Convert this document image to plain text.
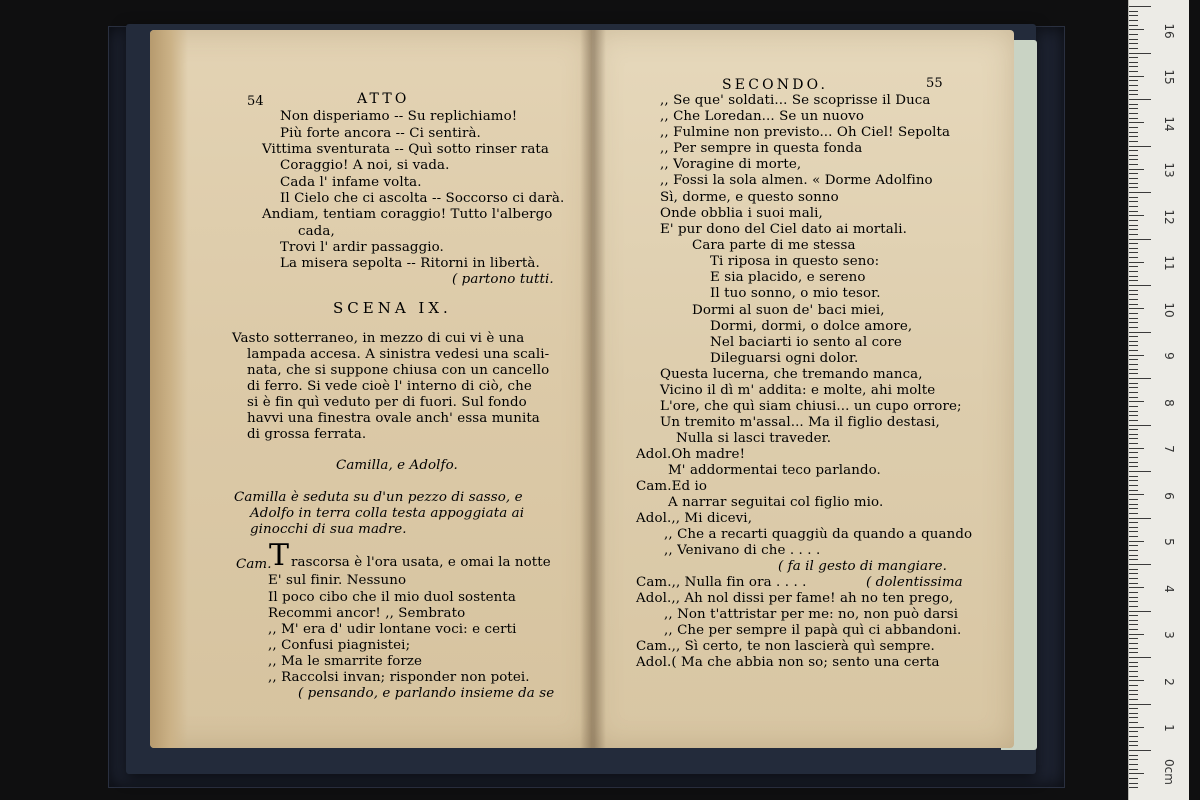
54	ATTO
Non disperiamo -- Su replichiamo!
Più forte ancora -- Ci sentirà.
Vittima sventurata -- Quì sotto rinser rata
Coraggio! A noi, si vada.
Cada l' infame volta.
Il Cielo che ci ascolta -- Soccorso ci darà.
Andiam, tentiam coraggio! Tutto l'albergo
cada,
Trovi l' ardir passaggio.
La misera sepolta -- Ritorni in libertà.
( partono tutti.
SCENA IX.
Vasto sotterraneo, in mezzo di cui vi è una
lampada accesa. A sinistra vedesi una scali-
nata, che si suppone chiusa con un cancello
di ferro. Si vede cioè l' interno di ciò, che
si è fin quì veduto per di fuori. Sul fondo
havvi una finestra ovale anch' essa munita
di grossa ferrata.
Camilla, e Adolfo.
Camilla è seduta su d'un pezzo di sasso, e
Adolfo in terra colla testa appoggiata ai
ginocchi di sua madre.
Cam.
T rascorsa è l'ora usata, e omai la notte
E' sul finir. Nessuno
Il poco cibo che il mio duol sostenta
Recommi ancor! ,, Sembrato
,, M' era d' udir lontane voci: e certi
,, Confusi piagnistei;
,, Ma le smarrite forze
,, Raccolsi invan; risponder non potei.
( pensando, e parlando insieme da se
SECONDO.	55
,, Se que' soldati... Se scoprisse il Duca
,, Che Loredan... Se un nuovo
,, Fulmine non previsto... Oh Ciel! Sepolta
,, Per sempre in questa fonda
,, Voragine di morte,
,, Fossi la sola almen. « Dorme Adolfino
Sì, dorme, e questo sonno
Onde obblia i suoi mali,
E' pur dono del Ciel dato ai mortali.
Cara parte di me stessa
Ti riposa in questo seno:
E sia placido, e sereno
Il tuo sonno, o mio tesor.
Dormi al suon de' baci miei,
Dormi, dormi, o dolce amore,
Nel baciarti io sento al core
Dileguarsi ogni dolor.
Questa lucerna, che tremando manca,
Vicino il dì m' addita: e molte, ahi molte
L'ore, che quì siam chiusi... un cupo orrore;
Un tremito m'assal... Ma il figlio destasi,
Nulla si lasci traveder.
Adol.Oh madre!
M' addormentai teco parlando.
Cam.Ed io
A narrar seguitai col figlio mio.
Adol.,, Mi dicevi,
,, Che a recarti quaggiù da quando a quando
,, Venivano di che . . . .
( fa il gesto di mangiare.
Cam.,, Nulla fin ora . . . .	( dolentissima
Adol.,, Ah nol dissi per fame! ah no ten prego,
,, Non t'attristar per me: no, non può darsi
,, Che per sempre il papà quì ci abbandoni.
Cam.,, Sì certo, te non lascierà quì sempre.
Adol.( Ma che abbia non so; sento una certa
16
15
14
13
12
11
10
9
8
7
6
5
4
3
2
1
0cm
